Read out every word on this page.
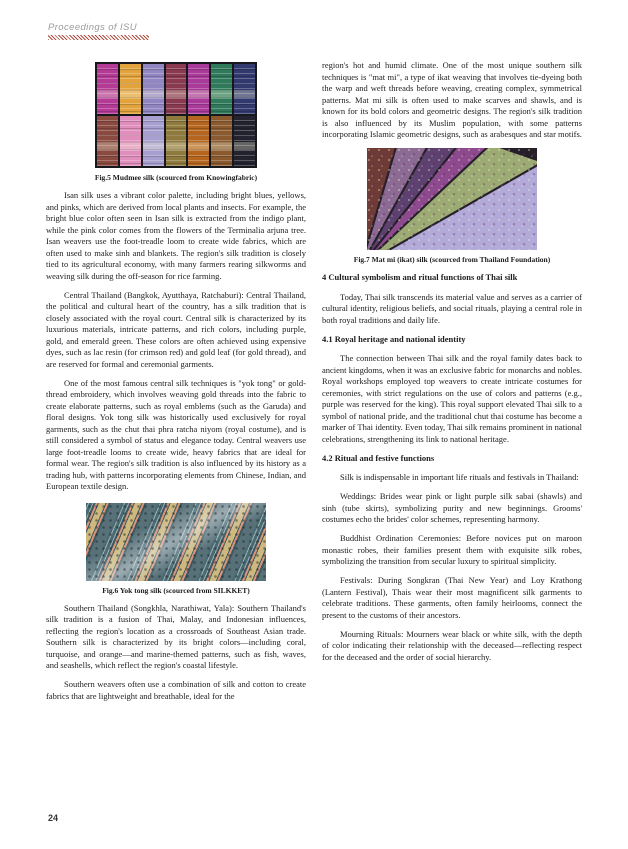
Proceedings of ISU
Fig.5 Mudmee silk (scourced from Knowingfabric)

Isan silk uses a vibrant color palette, including bright blues, yellows, and pinks, which are derived from local plants and insects. For example, the bright blue color often seen in Isan silk is extracted from the indigo plant, while the pink color comes from the flowers of the Terminalia arjuna tree. Isan weavers use the foot-treadle loom to create wide fabrics, which are often used to make sinh and blankets. The region's silk tradition is closely tied to its agricultural economy, with many farmers rearing silkworms and weaving silk during the off-season for rice farming.

Central Thailand (Bangkok, Ayutthaya, Ratchaburi): Central Thailand, the political and cultural heart of the country, has a silk tradition that is closely associated with the royal court. Central silk is characterized by its luxurious materials, intricate patterns, and rich colors, including purple, gold, and emerald green. These colors are often achieved using expensive dyes, such as lac resin (for crimson red) and gold leaf (for gold thread), and are reserved for formal and ceremonial garments.

One of the most famous central silk techniques is "yok tong" or gold-thread embroidery, which involves weaving gold threads into the fabric to create elaborate patterns, such as royal emblems (such as the Garuda) and floral designs. Yok tong silk was historically used exclusively for royal garments, such as the chut thai phra ratcha niyom (royal costume), and is still considered a symbol of status and elegance today. Central weavers use large foot-treadle looms to create wide, heavy fabrics that are ideal for formal wear. The region's silk tradition is also influenced by its history as a trading hub, with patterns incorporating elements from Chinese, Indian, and European textile design.

Fig.6 Yok tong silk (scourced from SILKKET)

Southern Thailand (Songkhla, Narathiwat, Yala): Southern Thailand's silk tradition is a fusion of Thai, Malay, and Indonesian influences, reflecting the region's location as a crossroads of Southeast Asian trade. Southern silk is characterized by its bright colors—including coral, turquoise, and orange—and marine-themed patterns, such as fish, waves, and seashells, which reflect the region's coastal lifestyle.

Southern weavers often use a combination of silk and cotton to create fabrics that are lightweight and breathable, ideal for the

region's hot and humid climate. One of the most unique southern silk techniques is "mat mi", a type of ikat weaving that involves tie-dyeing both the warp and weft threads before weaving, creating complex, symmetrical patterns. Mat mi silk is often used to make scarves and shawls, and is known for its bold colors and geometric designs. The region's silk tradition is also influenced by its Muslim population, with some patterns incorporating Islamic geometric designs, such as arabesques and star motifs.

Fig.7 Mat mi (ikat) silk (scourced from Thailand Foundation)
4 Cultural symbolism and ritual functions of Thai silk

Today, Thai silk transcends its material value and serves as a carrier of cultural identity, religious beliefs, and social rituals, playing a central role in both royal traditions and daily life.

4.1 Royal heritage and national identity

The connection between Thai silk and the royal family dates back to ancient kingdoms, when it was an exclusive fabric for monarchs and nobles. Royal workshops employed top weavers to create intricate costumes for ceremonies, with strict regulations on the use of colors and patterns (e.g., purple was reserved for the king). This royal support elevated Thai silk to a symbol of national pride, and the traditional chut thai costume has become a marker of Thai identity. Even today, Thai silk remains prominent in national celebrations, strengthening its link to national heritage.

4.2 Ritual and festive functions

Silk is indispensable in important life rituals and festivals in Thailand:

Weddings: Brides wear pink or light purple silk sabai (shawls) and sinh (tube skirts), symbolizing purity and new beginnings. Grooms' costumes echo the brides' color schemes, representing harmony.

Buddhist Ordination Ceremonies: Before novices put on maroon monastic robes, their families present them with exquisite silk robes, symbolizing the transition from secular luxury to spiritual simplicity.

Festivals: During Songkran (Thai New Year) and Loy Krathong (Lantern Festival), Thais wear their most magnificent silk garments to celebrate traditions. These garments, often family heirlooms, connect the present to the customs of their ancestors.

Mourning Rituals: Mourners wear black or white silk, with the depth of color indicating their relationship with the deceased—reflecting respect for the deceased and the order of social hierarchy.

24
